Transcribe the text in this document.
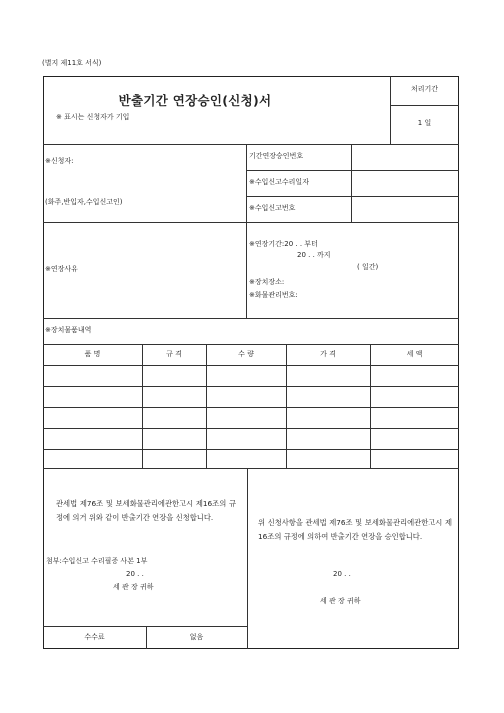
(별지 제11호 서식)
반출기간 연장승인(신청)서
※ 표시는 신청자가 기입
처리기간
1 일
※신청자:
(화주,반입자,수입신고인)
기간연장승인번호
※수입신고수리일자
※수입신고번호
※연장사유
※연장기간:20 . . 부터
20 . . 까지
( 일간)
※장치장소:
※화물관리번호:
※장치물품내역
품 명	규 격	수 량	가 격	세 액
관세법 제76조 및 보세화물관리에관한고시 제16조의 규정에 의거 위와 같이 반출기간 연장을 신청합니다.
첨부:수입신고 수리필증 사본 1부
20 . .
세 관 장 귀하
위 신청사항을 관세법 제76조 및 보세화물관리에관한고시 제16조의 규정에 의하여 반출기간 연장을 승인합니다.
20 . .
세 관 장 귀하
수수료	없음
